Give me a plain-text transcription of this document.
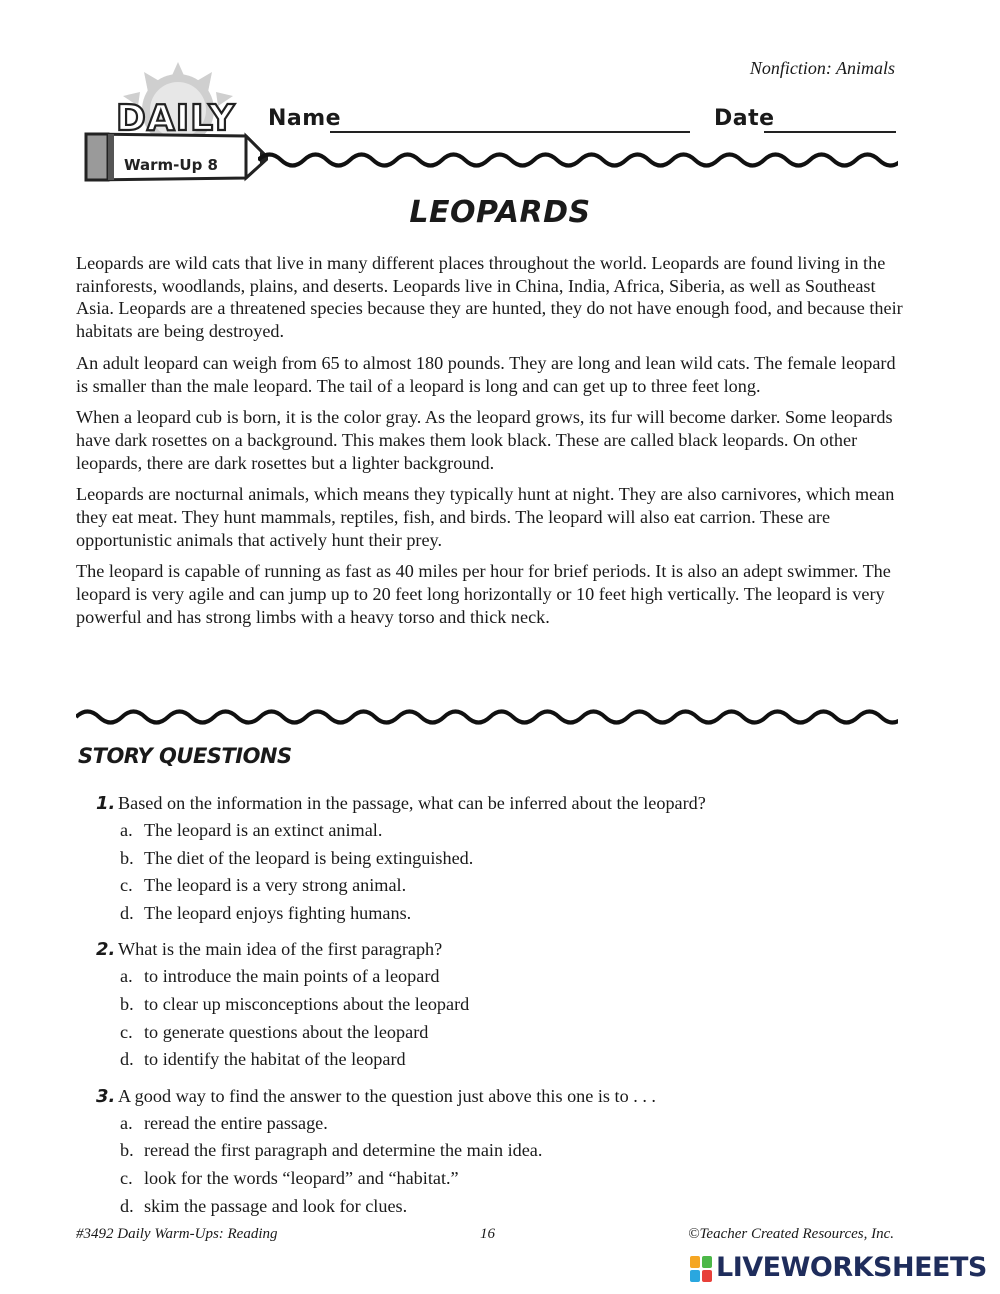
Nonfiction: Animals
DAILY
Warm-Up 8
Name	Date
LEOPARDS

Leopards are wild cats that live in many different places throughout the world. Leopards are found living in the rainforests, woodlands, plains, and deserts. Leopards live in China, India, Africa, Siberia, as well as Southeast Asia. Leopards are a threatened species because they are hunted, they do not have enough food, and because their habitats are being destroyed.

An adult leopard can weigh from 65 to almost 180 pounds. They are long and lean wild cats. The female leopard is smaller than the male leopard. The tail of a leopard is long and can get up to three feet long.

When a leopard cub is born, it is the color gray. As the leopard grows, its fur will become darker. Some leopards have dark rosettes on a background. This makes them look black. These are called black leopards. On other leopards, there are dark rosettes but a lighter background.

Leopards are nocturnal animals, which means they typically hunt at night. They are also carnivores, which mean they eat meat. They hunt mammals, reptiles, fish, and birds. The leopard will also eat carrion. These are opportunistic animals that actively hunt their prey.

The leopard is capable of running as fast as 40 miles per hour for brief periods. It is also an adept swimmer. The leopard is very agile and can jump up to 20 feet long horizontally or 10 feet high vertically. The leopard is very powerful and has strong limbs with a heavy torso and thick neck.

STORY QUESTIONS
1. Based on the information in the passage, what can be inferred about the leopard?
a. The leopard is an extinct animal.
b. The diet of the leopard is being extinguished.
c. The leopard is a very strong animal.
d. The leopard enjoys fighting humans.
2. What is the main idea of the first paragraph?
a. to introduce the main points of a leopard
b. to clear up misconceptions about the leopard
c. to generate questions about the leopard
d. to identify the habitat of the leopard
3. A good way to find the answer to the question just above this one is to . . .
a. reread the entire passage.
b. reread the first paragraph and determine the main idea.
c. look for the words “leopard” and “habitat.”
d. skim the passage and look for clues.
#3492 Daily Warm-Ups: Reading	16	©Teacher Created Resources, Inc.
LIVEWORKSHEETS
